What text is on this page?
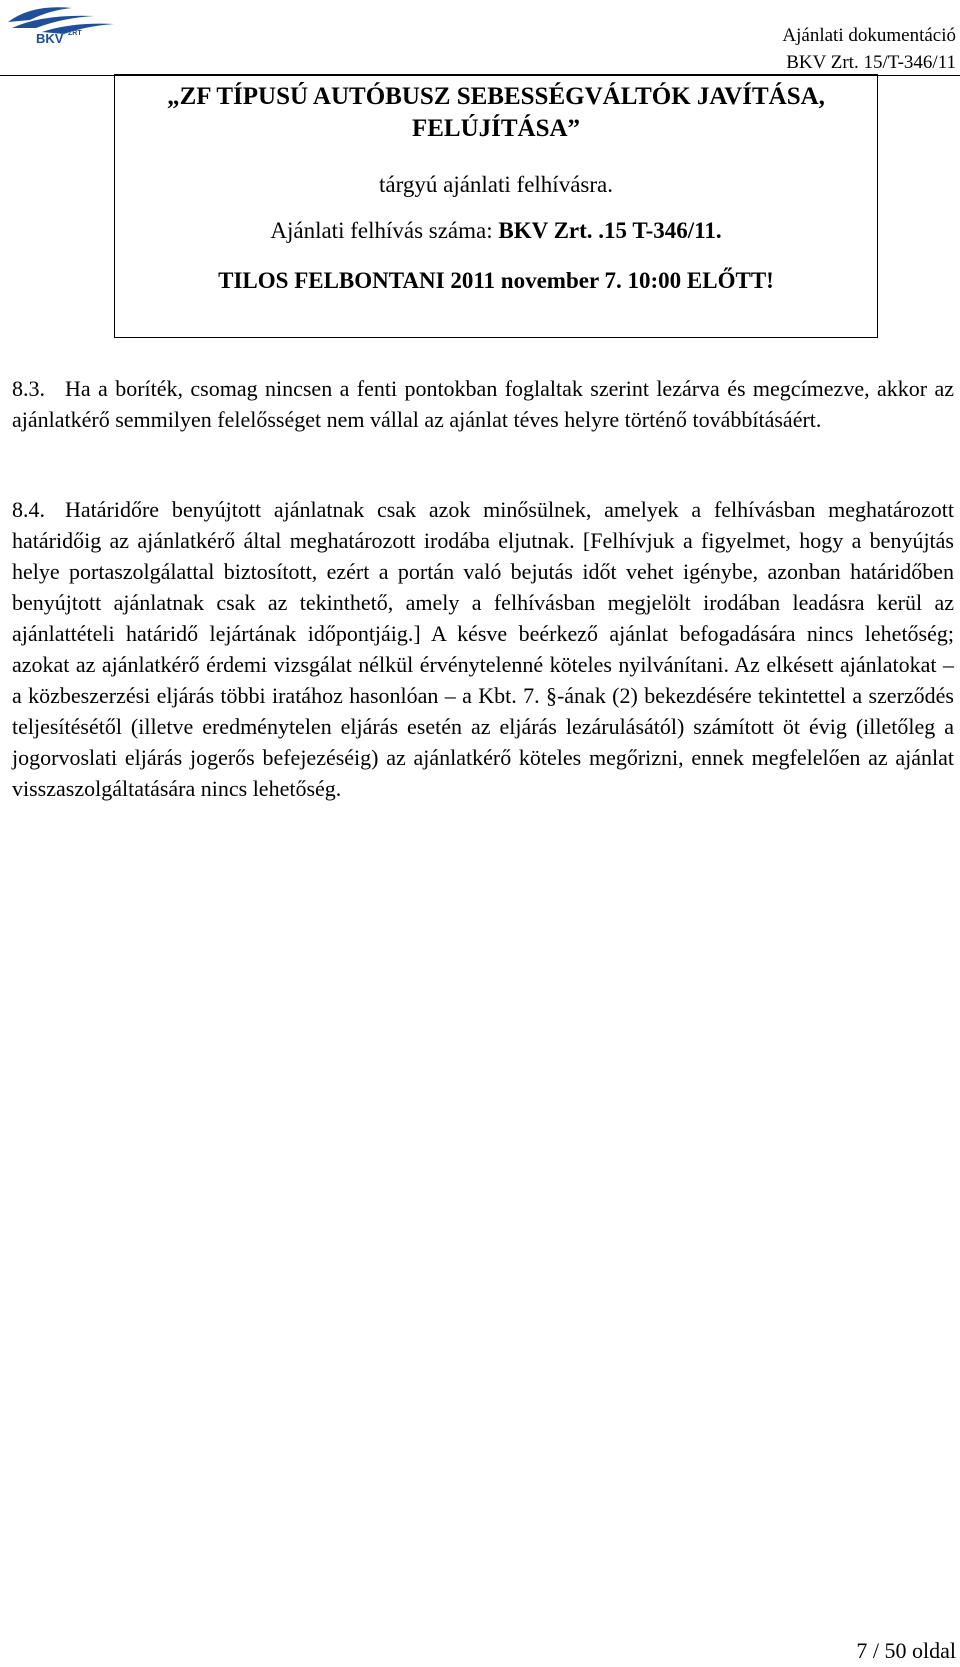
BKV ZRT	Ajánlati dokumentáció
BKV Zrt. 15/T-346/11
„ZF TÍPUSÚ AUTÓBUSZ SEBESSÉGVÁLTÓK JAVÍTÁSA,
FELÚJÍTÁSA”
tárgyú ajánlati felhívásra.
Ajánlati felhívás száma: BKV Zrt. .15 T-346/11.
TILOS FELBONTANI 2011 november 7. 10:00 ELŐTT!
8.3. Ha a boríték, csomag nincsen a fenti pontokban foglaltak szerint lezárva és megcímezve, akkor az ajánlatkérő semmilyen felelősséget nem vállal az ajánlat téves helyre történő továbbításáért.
8.4. Határidőre benyújtott ajánlatnak csak azok minősülnek, amelyek a felhívásban meghatározott határidőig az ajánlatkérő által meghatározott irodába eljutnak. [Felhívjuk a figyelmet, hogy a benyújtás helye portaszolgálattal biztosított, ezért a portán való bejutás időt vehet igénybe, azonban határidőben benyújtott ajánlatnak csak az tekinthető, amely a felhívásban megjelölt irodában leadásra kerül az ajánlattételi határidő lejártának időpontjáig.] A késve beérkező ajánlat befogadására nincs lehetőség; azokat az ajánlatkérő érdemi vizsgálat nélkül érvénytelenné köteles nyilvánítani. Az elkésett ajánlatokat – a közbeszerzési eljárás többi iratához hasonlóan – a Kbt. 7. §-ának (2) bekezdésére tekintettel a szerződés teljesítésétől (illetve eredménytelen eljárás esetén az eljárás lezárulásától) számított öt évig (illetőleg a jogorvoslati eljárás jogerős befejezéséig) az ajánlatkérő köteles megőrizni, ennek megfelelően az ajánlat visszaszolgáltatására nincs lehetőség.
7 / 50 oldal
